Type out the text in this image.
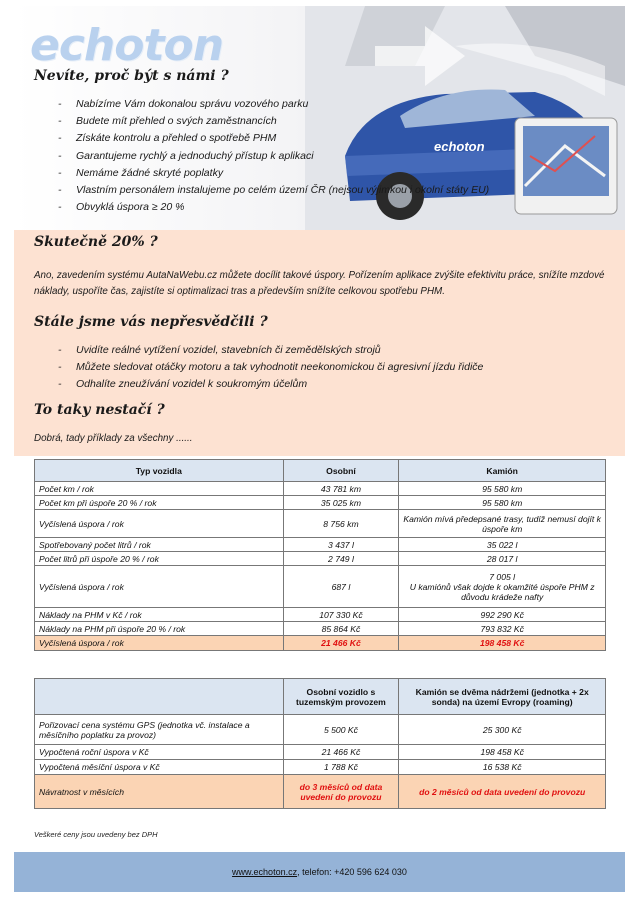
echoton
echoton
Nevíte, proč být s námi ?
- Nabízíme Vám dokonalou správu vozového parku
- Budete mít přehled o svých zaměstnancích
- Získáte kontrolu a přehled o spotřebě PHM
- Garantujeme rychlý a jednoduchý přístup k aplikaci
- Nemáme žádné skryté poplatky
- Vlastním personálem instalujeme po celém území ČR (nejsou výjimkou i okolní státy EU)
- Obvyklá úspora ≥ 20 %
Skutečně 20% ?
Ano, zavedením systému AutaNaWebu.cz můžete docílit takové úspory. Pořízením aplikace zvýšite efektivitu práce, snížíte mzdové náklady, uspoříte čas, zajistíte si optimalizaci tras a především snížíte celkovou spotřebu PHM.
Stále jsme vás nepřesvědčili ?
- Uvidíte reálné vytížení vozidel, stavebních či zemědělských strojů
- Můžete sledovat otáčky motoru a tak vyhodnotit neekonomickou či agresivní jízdu řidiče
- Odhalíte zneužívání vozidel k soukromým účelům
To taky nestačí ?
Dobrá, tady příklady za všechny ......
Typ vozidla	Osobní	Kamión
Počet km / rok	43 781 km	95 580 km
Počet km při úspoře 20 % / rok	35 025 km	95 580 km
Vyčíslená úspora / rok	8 756 km	Kamión mívá předepsané trasy, tudíž nemusí dojít k úspoře km
Spotřebovaný počet litrů / rok	3 437 l	35 022 l
Počet litrů při úspoře 20 % / rok	2 749 l	28 017 l
Vyčíslená úspora / rok	687 l	7 005 l
U kamiónů však dojde k okamžité úspoře PHM z důvodu krádeže nafty
Náklady na PHM v Kč / rok	107 330 Kč	992 290 Kč
Náklady na PHM při úspoře 20 % / rok	85 864 Kč	793 832 Kč
Vyčíslená úspora / rok	21 466 Kč	198 458 Kč
	Osobní vozidlo s tuzemským provozem	Kamión se dvěma nádržemi (jednotka + 2x sonda) na území Evropy (roaming)
Pořizovací cena systému GPS (jednotka vč. instalace a měsíčního poplatku za provoz)	5 500 Kč	25 300 Kč
Vypočtená roční úspora v Kč	21 466 Kč	198 458 Kč
Vypočtená měsíční úspora v Kč	1 788 Kč	16 538 Kč
Návratnost v měsících	do 3 měsíců od data uvedení do provozu	do 2 měsíců od data uvedení do provozu
Veškeré ceny jsou uvedeny bez DPH
www.echoton.cz, telefon: +420 596 624 030
